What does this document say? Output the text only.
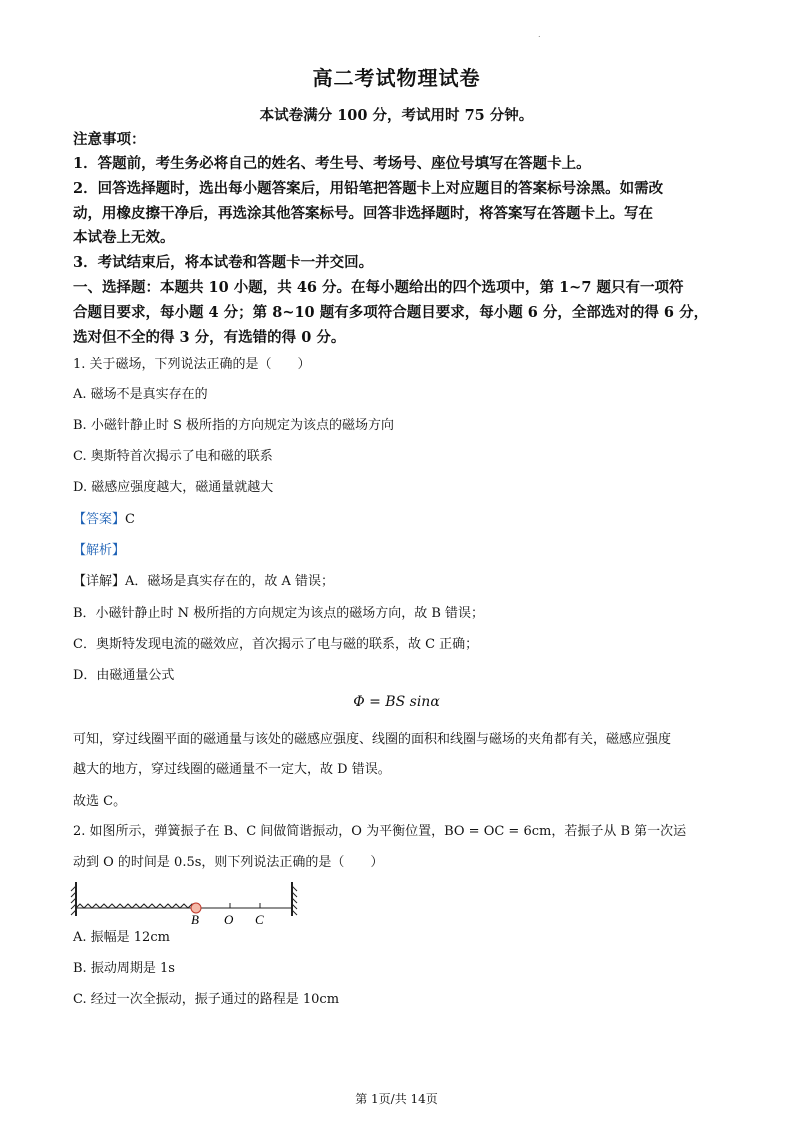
.
高二考试物理试卷
本试卷满分 100 分，考试用时 75 分钟。
注意事项：
1．答题前，考生务必将自己的姓名、考生号、考场号、座位号填写在答题卡上。
2．回答选择题时，选出每小题答案后，用铅笔把答题卡上对应题目的答案标号涂黑。如需改
动，用橡皮擦干净后，再选涂其他答案标号。回答非选择题时，将答案写在答题卡上。写在
本试卷上无效。
3．考试结束后，将本试卷和答题卡一并交回。
一、选择题：本题共 10 小题，共 46 分。在每小题给出的四个选项中，第 1~7 题只有一项符
合题目要求，每小题 4 分；第 8~10 题有多项符合题目要求，每小题 6 分，全部选对的得 6 分，
选对但不全的得 3 分，有选错的得 0 分。
1. 关于磁场，下列说法正确的是（　　）
A. 磁场不是真实存在的
B. 小磁针静止时 S 极所指的方向规定为该点的磁场方向
C. 奥斯特首次揭示了电和磁的联系
D. 磁感应强度越大，磁通量就越大
【答案】C
【解析】
【详解】A．磁场是真实存在的，故 A 错误；
B．小磁针静止时 N 极所指的方向规定为该点的磁场方向，故 B 错误；
C．奥斯特发现电流的磁效应，首次揭示了电与磁的联系，故 C 正确；
D．由磁通量公式
Φ = BS sinα
可知，穿过线圈平面的磁通量与该处的磁感应强度、线圈的面积和线圈与磁场的夹角都有关，磁感应强度
越大的地方，穿过线圈的磁通量不一定大，故 D 错误。
故选 C。
2. 如图所示，弹簧振子在 B、C 间做简谐振动，O 为平衡位置，BO = OC = 6cm，若振子从 B 第一次运
动到 O 的时间是 0.5s，则下列说法正确的是（　　）
B O C
A. 振幅是 12cm
B. 振动周期是 1s
C. 经过一次全振动，振子通过的路程是 10cm
第 1页/共 14页
